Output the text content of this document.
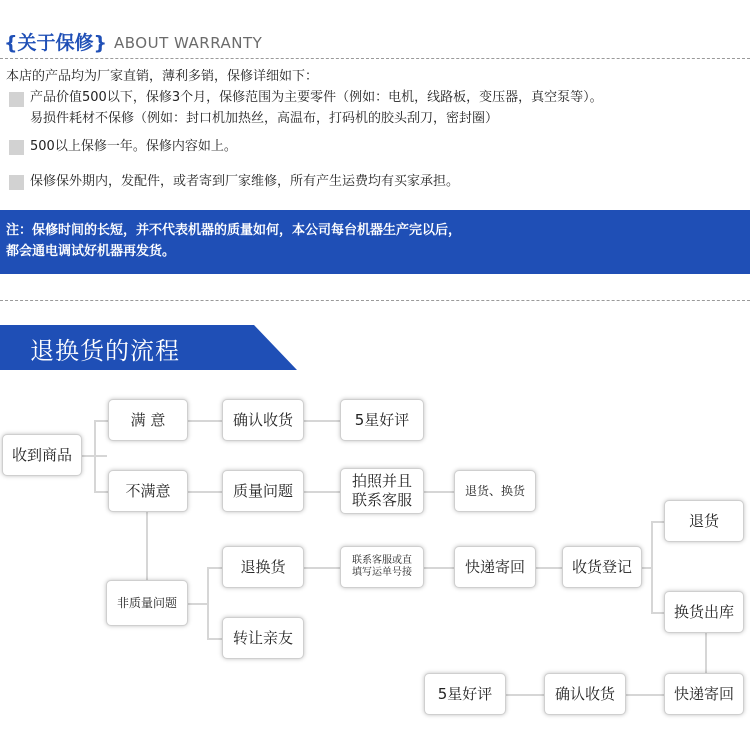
{关于保修} ABOUT WARRANTY
本店的产品均为厂家直销，薄利多销，保修详细如下：
产品价值500以下，保修3个月，保修范围为主要零件（例如：电机，线路板，变压器，真空泵等）。
易损件耗材不保修（例如：封口机加热丝，高温布，打码机的胶头刮刀，密封圈）
500以上保修一年。保修内容如上。
保修保外期内，发配件，或者寄到厂家维修，所有产生运费均有买家承担。
注：保修时间的长短，并不代表机器的质量如何，本公司每台机器生产完以后，
都会通电调试好机器再发货。
退换货的流程
收到商品
满 意	确认收货	5星好评
不满意	质量问题
拍照并且
联系客服
退货、换货
非质量问题
退换货	联系客服或直
填写运单号接	快递寄回	收货登记
退货
换货出库
转让亲友
快递寄回
确认收货
5星好评
